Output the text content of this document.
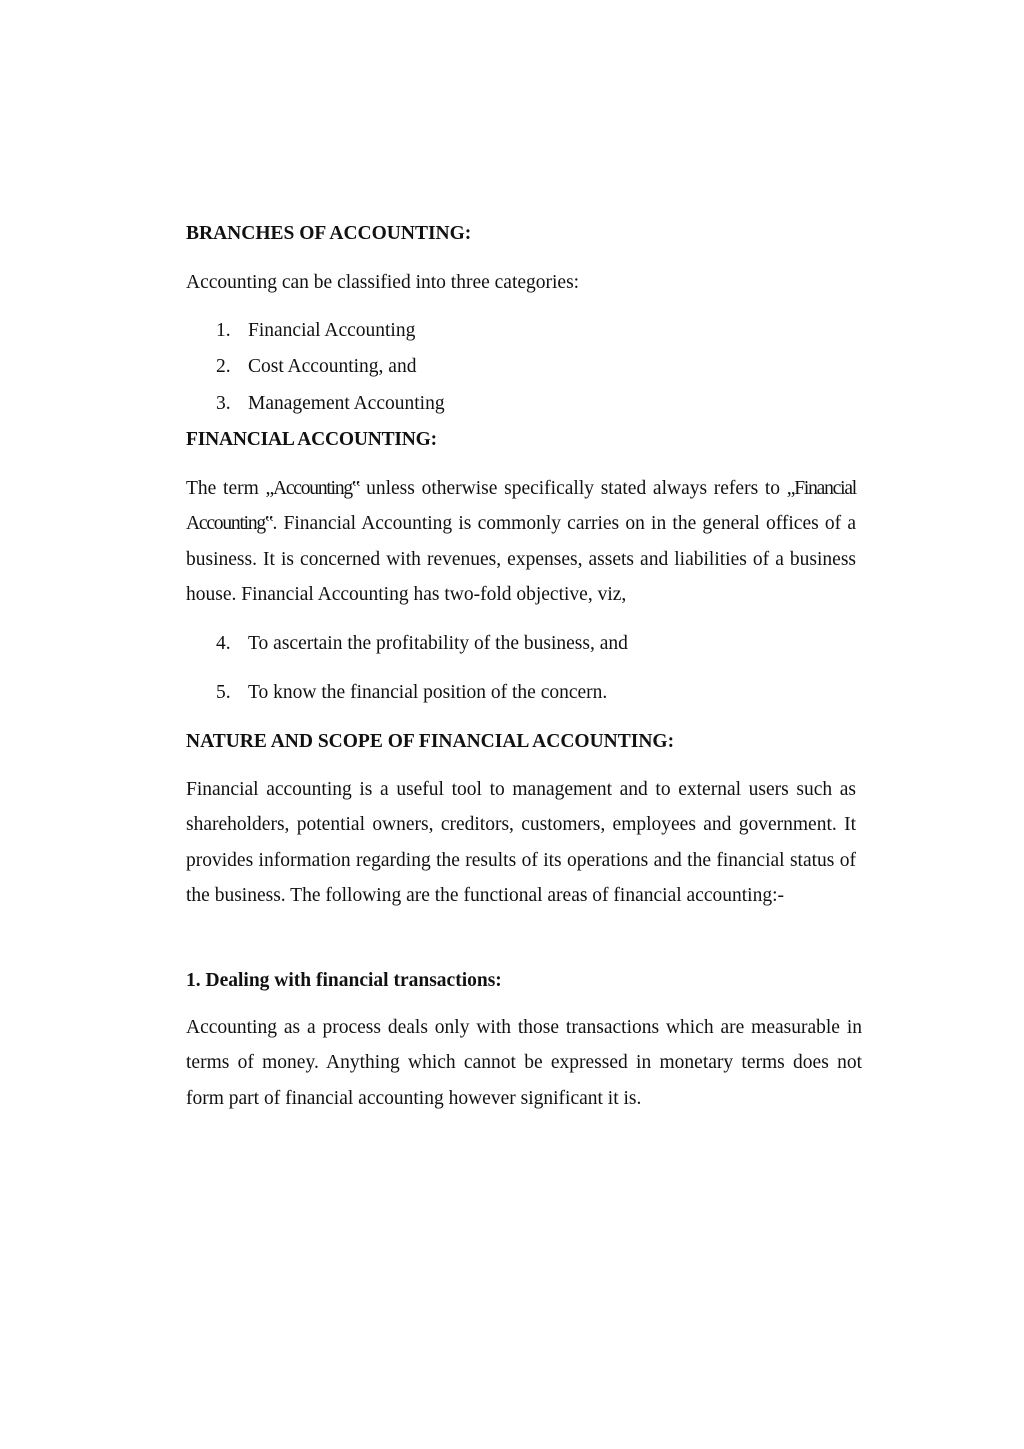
BRANCHES OF ACCOUNTING:

Accounting can be classified into three categories:

1. Financial Accounting
2. Cost Accounting, and
3. Management Accounting
FINANCIAL ACCOUNTING:

The term „Accounting‟ unless otherwise specifically stated always refers to „Financial Accounting‟. Financial Accounting is commonly carries on in the general offices of a business. It is concerned with revenues, expenses, assets and liabilities of a business house. Financial Accounting has two-fold objective, viz,

4. To ascertain the profitability of the business, and
5. To know the financial position of the concern.
NATURE AND SCOPE OF FINANCIAL ACCOUNTING:

Financial accounting is a useful tool to management and to external users such as shareholders, potential owners, creditors, customers, employees and government. It provides information regarding the results of its operations and the financial status of the business. The following are the functional areas of financial accounting:-

1. Dealing with financial transactions:

Accounting as a process deals only with those transactions which are measurable in terms of money. Anything which cannot be expressed in monetary terms does not form part of financial accounting however significant it is.
